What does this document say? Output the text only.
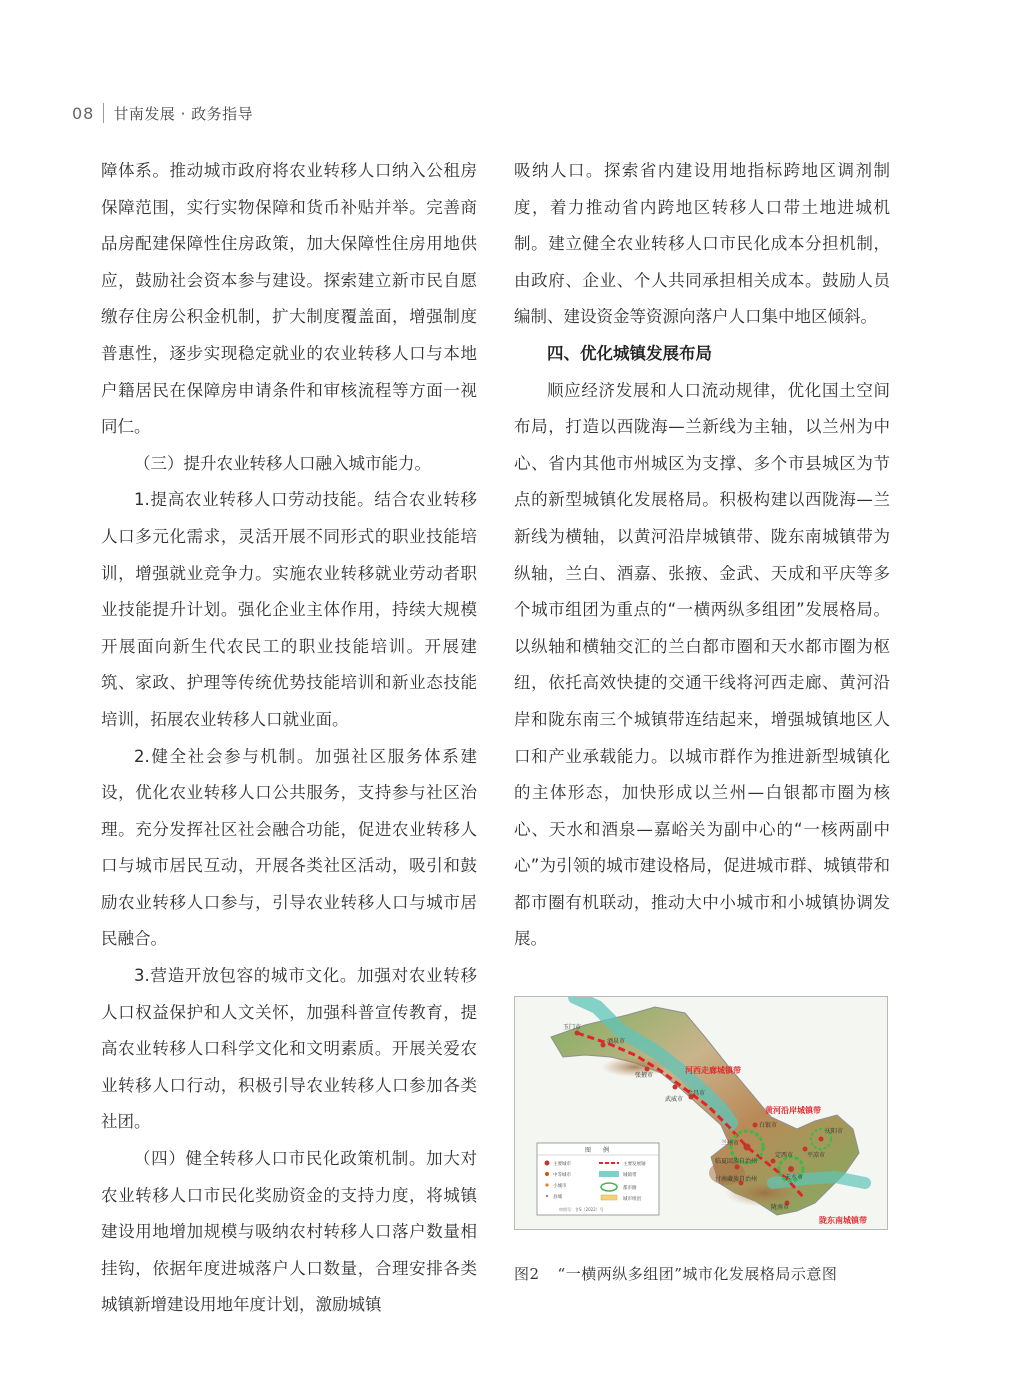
08 甘南发展 · 政务指导

障体系。推动城市政府将农业转移人口纳入公租房保障范围，实行实物保障和货币补贴并举。完善商品房配建保障性住房政策，加大保障性住房用地供应，鼓励社会资本参与建设。探索建立新市民自愿缴存住房公积金机制，扩大制度覆盖面，增强制度普惠性，逐步实现稳定就业的农业转移人口与本地户籍居民在保障房申请条件和审核流程等方面一视同仁。

（三）提升农业转移人口融入城市能力。

1.提高农业转移人口劳动技能。结合农业转移人口多元化需求，灵活开展不同形式的职业技能培训，增强就业竞争力。实施农业转移就业劳动者职业技能提升计划。强化企业主体作用，持续大规模开展面向新生代农民工的职业技能培训。开展建筑、家政、护理等传统优势技能培训和新业态技能培训，拓展农业转移人口就业面。

2.健全社会参与机制。加强社区服务体系建设，优化农业转移人口公共服务，支持参与社区治理。充分发挥社区社会融合功能，促进农业转移人口与城市居民互动，开展各类社区活动，吸引和鼓励农业转移人口参与，引导农业转移人口与城市居民融合。

3.营造开放包容的城市文化。加强对农业转移人口权益保护和人文关怀，加强科普宣传教育，提高农业转移人口科学文化和文明素质。开展关爱农业转移人口行动，积极引导农业转移人口参加各类社团。

（四）健全转移人口市民化政策机制。加大对农业转移人口市民化奖励资金的支持力度，将城镇建设用地增加规模与吸纳农村转移人口落户数量相挂钩，依据年度进城落户人口数量，合理安排各类城镇新增建设用地年度计划，激励城镇

吸纳人口。探索省内建设用地指标跨地区调剂制度，着力推动省内跨地区转移人口带土地进城机制。建立健全农业转移人口市民化成本分担机制，由政府、企业、个人共同承担相关成本。鼓励人员编制、建设资金等资源向落户人口集中地区倾斜。

四、优化城镇发展布局

顺应经济发展和人口流动规律，优化国土空间布局，打造以西陇海—兰新线为主轴，以兰州为中心、省内其他市州城区为支撑、多个市县城区为节点的新型城镇化发展格局。积极构建以西陇海—兰新线为横轴，以黄河沿岸城镇带、陇东南城镇带为纵轴，兰白、酒嘉、张掖、金武、天成和平庆等多个城市组团为重点的“一横两纵多组团”发展格局。以纵轴和横轴交汇的兰白都市圈和天水都市圈为枢纽，依托高效快捷的交通干线将河西走廊、黄河沿岸和陇东南三个城镇带连结起来，增强城镇地区人口和产业承载能力。以城市群作为推进新型城镇化的主体形态，加快形成以兰州—白银都市圈为核心、天水和酒泉—嘉峪关为副中心的“一核两副中心”为引领的城市建设格局，促进城市群、城镇带和都市圈有机联动，推动大中小城市和小城镇协调发展。

河西走廊城镇带
黄河沿岸城镇带
陇东南城镇带
玉门市
酒泉市
张掖市
金昌市
武威市
白银市
兰州市
定西市 平凉市
庆阳市
天水市
陇南市
临夏回族自治州
甘南藏族自治州
图　　例
主要城市
中等城市
小城市
县城
主要发展轴
城镇带
都市圈
城市组团
审图号：甘S（2022）号
图2 “一横两纵多组团”城市化发展格局示意图
